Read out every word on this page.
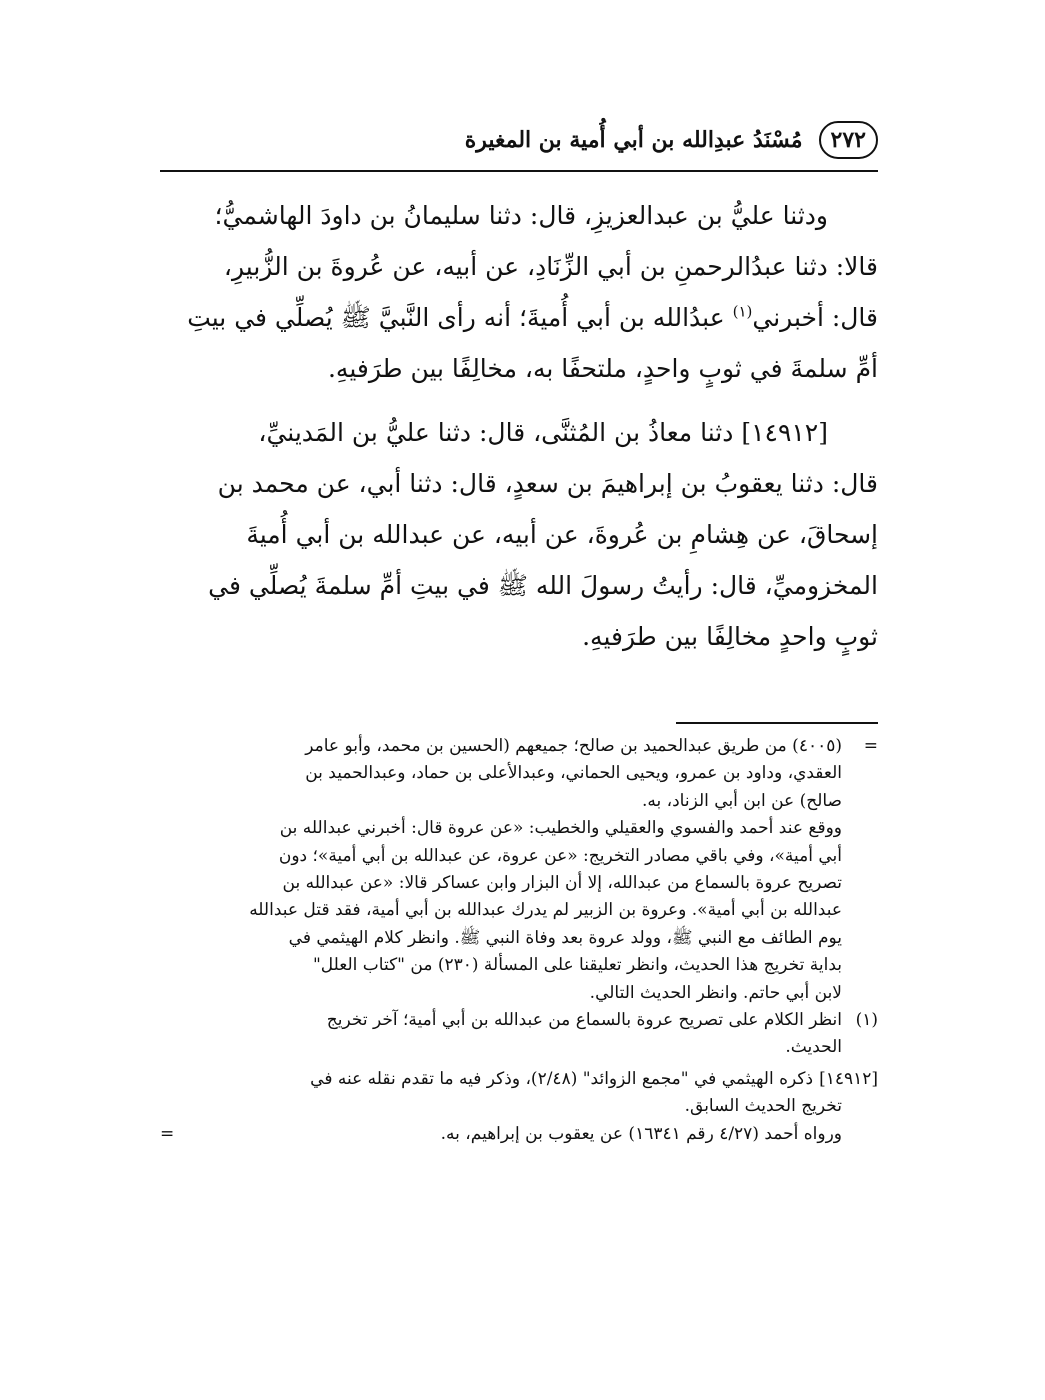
٢٧٢
مُسْنَدُ عبدِالله بن أبي أُمية بن المغيرة

ودثنا عليُّ بن عبدالعزيزِ، قال: دثنا سليمانُ بن داودَ الهاشميُّ؛

قالا: دثنا عبدُالرحمنِ بن أبي الزِّنَادِ، عن أبيه، عن عُروةَ بن الزُّبيرِ،

قال: أخبرني$^{(١)}$ عبدُالله بن أبي أُميةَ؛ أنه رأى النَّبيَّ ﷺ يُصلِّي في بيتِ

أمِّ سلمةَ في ثوبٍ واحدٍ، ملتحفًا به، مخالِفًا بين طرَفيهِ.

[١٤٩١٢] دثنا معاذُ بن المُثنَّى، قال: دثنا عليُّ بن المَدينيِّ،

قال: دثنا يعقوبُ بن إبراهيمَ بن سعدٍ، قال: دثنا أبي، عن محمد بن

إسحاقَ، عن هِشامِ بن عُروةَ، عن أبيه، عن عبدالله بن أبي أُميةَ

المخزوميِّ، قال: رأيتُ رسولَ الله ﷺ في بيتِ أمِّ سلمةَ يُصلِّي في

ثوبٍ واحدٍ مخالِفًا بين طرَفيهِ.

=

(٤٠٠٥) من طريق عبدالحميد بن صالح؛ جميعهم (الحسين بن محمد، وأبو عامر

العقدي، وداود بن عمرو، ويحيى الحماني، وعبدالأعلى بن حماد، وعبدالحميد بن

صالح) عن ابن أبي الزناد، به.

ووقع عند أحمد والفسوي والعقيلي والخطيب: «عن عروة قال: أخبرني عبدالله بن

أبي أمية»، وفي باقي مصادر التخريج: «عن عروة، عن عبدالله بن أبي أمية»؛ دون

تصريح عروة بالسماع من عبدالله، إلا أن البزار وابن عساكر قالا: «عن عبدالله بن

عبدالله بن أبي أمية». وعروة بن الزبير لم يدرك عبدالله بن أبي أمية، فقد قتل عبدالله

يوم الطائف مع النبي ﷺ، وولد عروة بعد وفاة النبي ﷺ. وانظر كلام الهيثمي في

بداية تخريج هذا الحديث، وانظر تعليقنا على المسألة (٢٣٠) من "كتاب العلل"

لابن أبي حاتم. وانظر الحديث التالي.

(١)

انظر الكلام على تصريح عروة بالسماع من عبدالله بن أبي أمية؛ آخر تخريج

الحديث.

[١٤٩١٢]

ذكره الهيثمي في "مجمع الزوائد" (٢/٤٨)، وذكر فيه ما تقدم نقله عنه في

تخريج الحديث السابق.

ورواه أحمد (٤/٢٧ رقم ١٦٣٤١) عن يعقوب بن إبراهيم، به.
=
